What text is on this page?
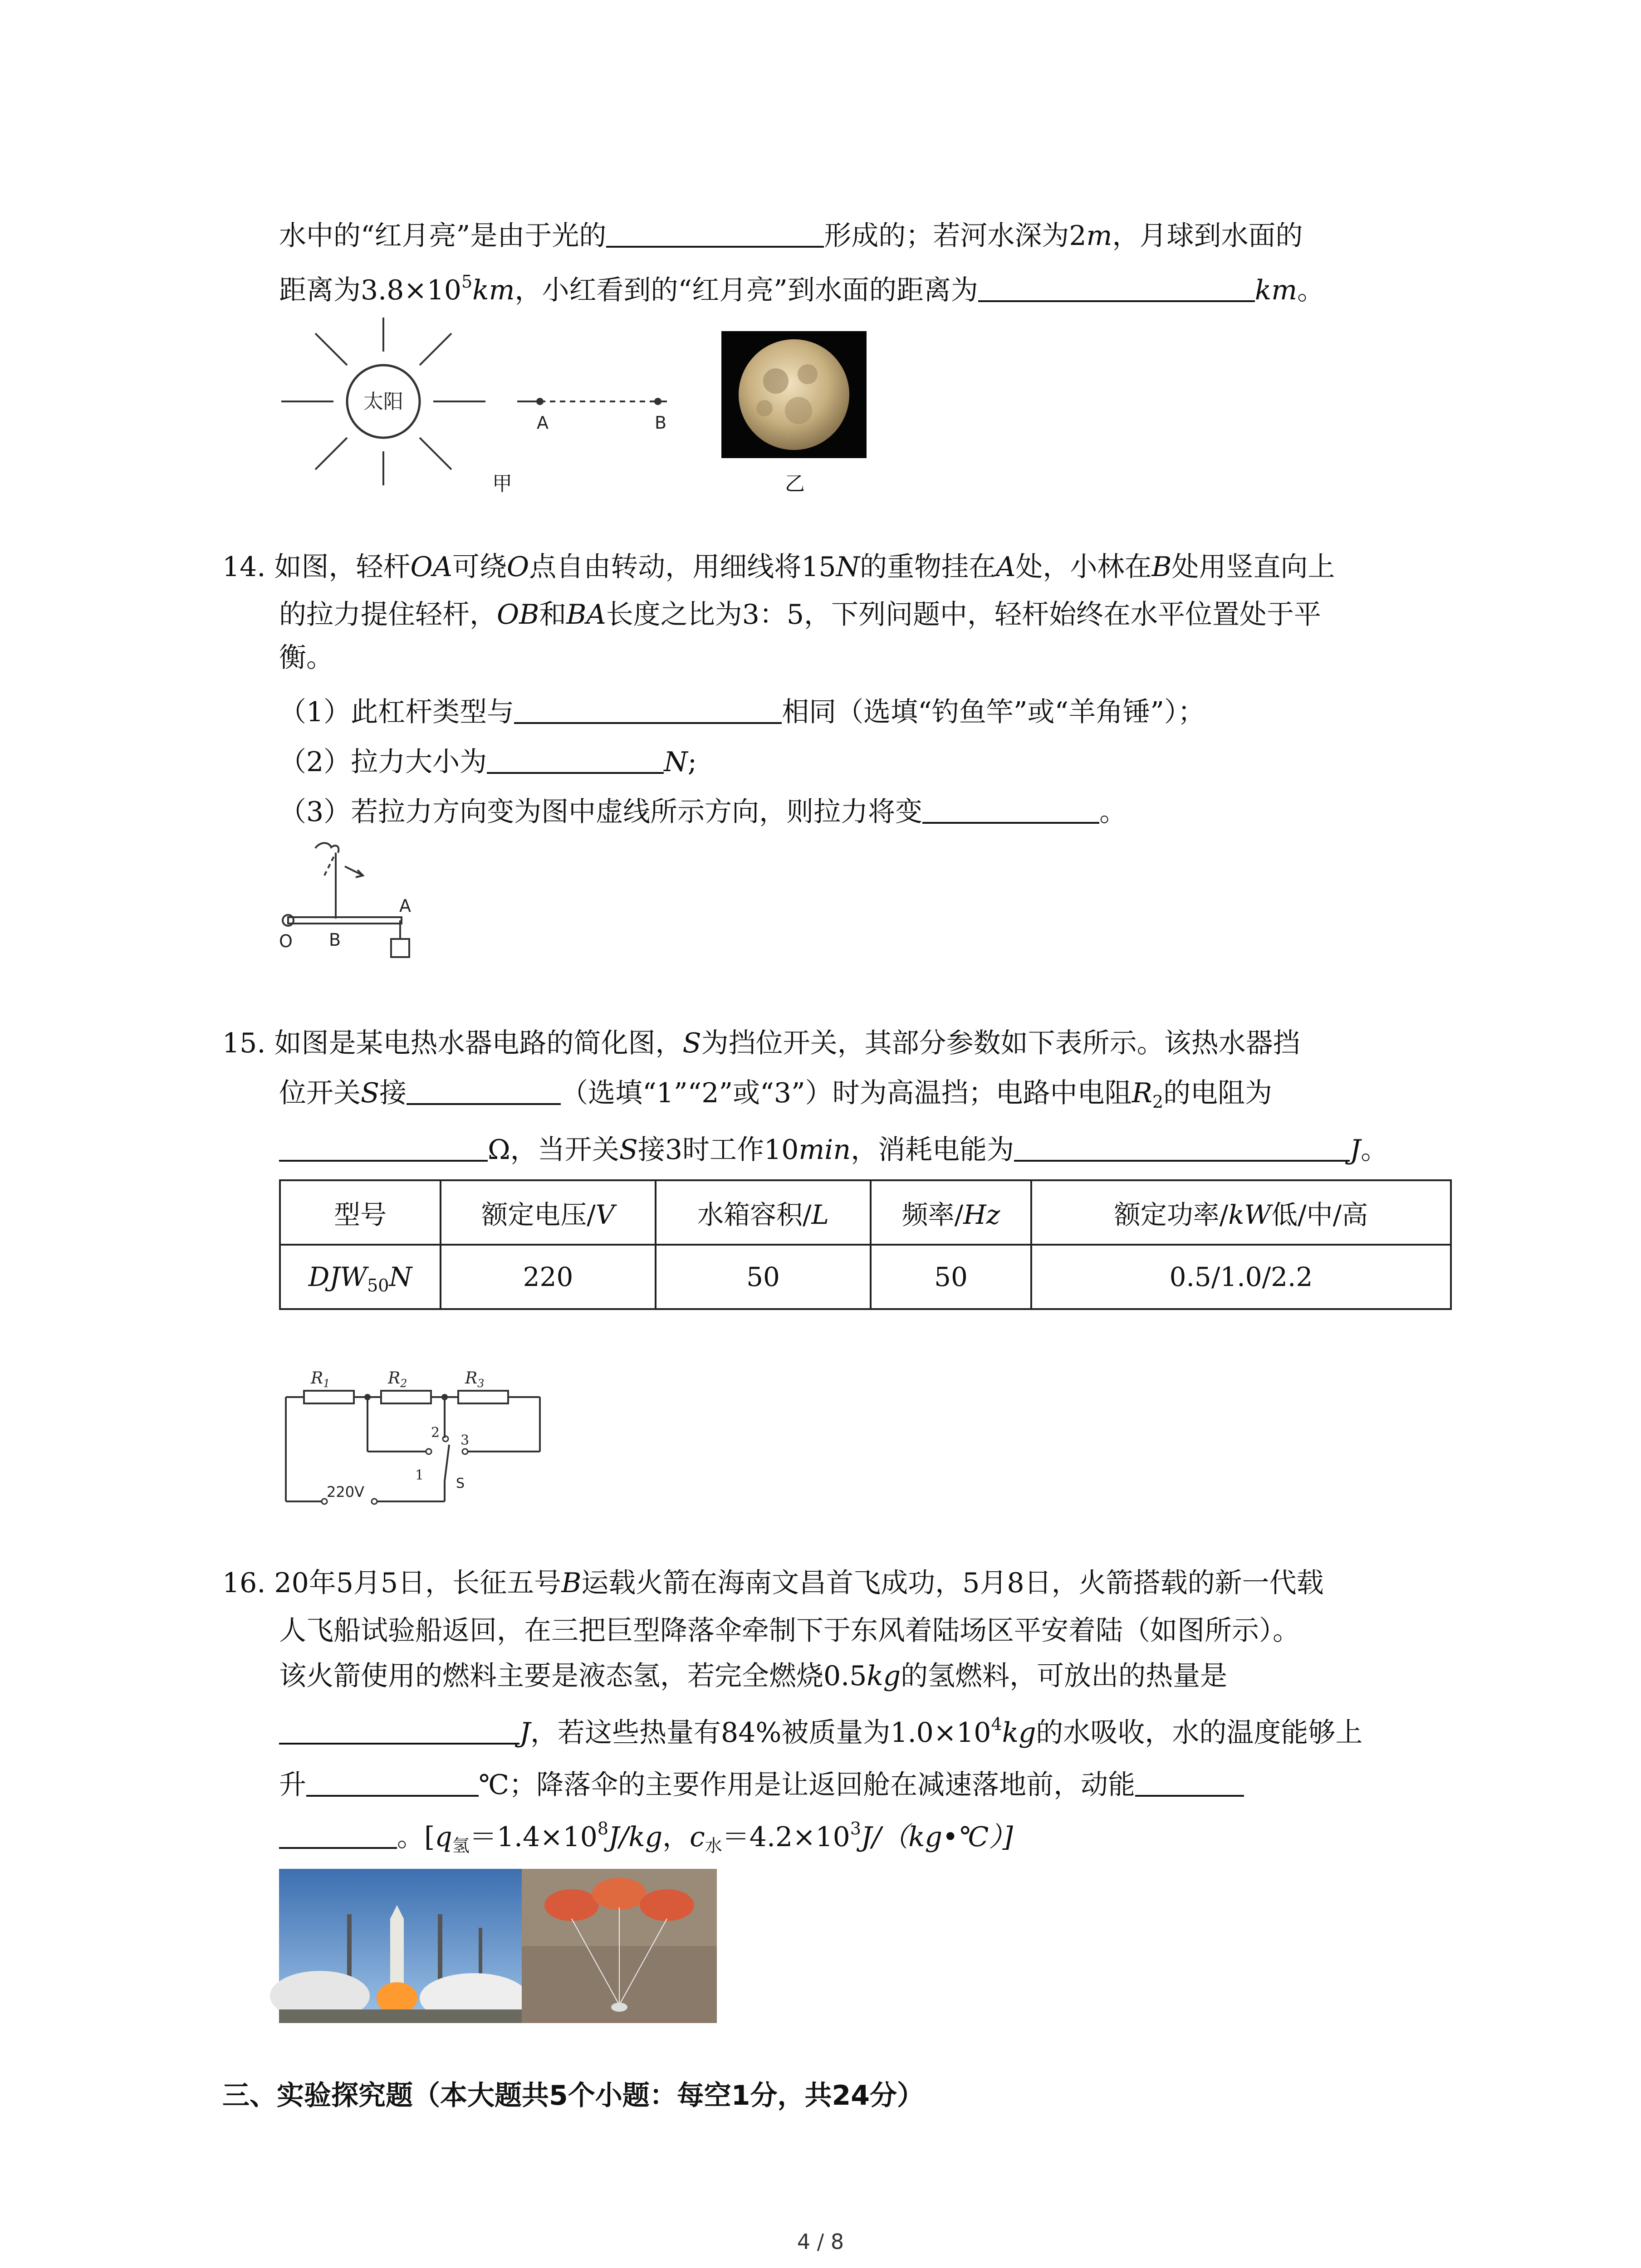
水中的“红月亮”是由于光的	形成的；若河水深为2m，月球到水面的
距离为$3.8\times 10^5km$，小红看到的“红月亮”到水面的距离为	km。
太阳
A	B
甲	乙
14. 如图，轻杆OA可绕O点自由转动，用细线将15N的重物挂在A处，小林在B处用竖直向上
的拉力提住轻杆，OB和BA长度之比为3：5，下列问题中，轻杆始终在水平位置处于平
衡。
（1）此杠杆类型与	相同（选填“钓鱼竿”或“羊角锤”）；
（2）拉力大小为	N;
（3）若拉力方向变为图中虚线所示方向，则拉力将变	。
A
O B
15. 如图是某电热水器电路的简化图，S为挡位开关，其部分参数如下表所示。该热水器挡
位开关S接	（选填“1”“2”或“3”）时为高温挡；电路中电阻$R_2$的电阻为
Ω，当开关S接3时工作10min，消耗电能为	J。
型号	额定电压/V	水箱容积/L	频率/Hz	额定功率/kW低/中/高
$DJW_{50}N$	220	50	50	0.5/1.0/2.2
$R_1$	$R_2$	$R_3$
1
2 3
S
220V
16. 20年5月5日，长征五号B运载火箭在海南文昌首飞成功，5月8日，火箭搭载的新一代载
人飞船试验船返回，在三把巨型降落伞牵制下于东风着陆场区平安着陆（如图所示）。
该火箭使用的燃料主要是液态氢，若完全燃烧0.5kg的氢燃料，可放出的热量是
J，若这些热量有84%被质量为$1.0\times 10^4kg$的水吸收，水的温度能够上
升	℃；降落伞的主要作用是让返回舱在减速落地前，动能
。[$q_氢=1.4\times 10^8J/kg$，$c_水=4.2\times 10^3J/(kg•℃)$]
三、实验探究题（本大题共5个小题：每空1分，共24分）
4 / 8
